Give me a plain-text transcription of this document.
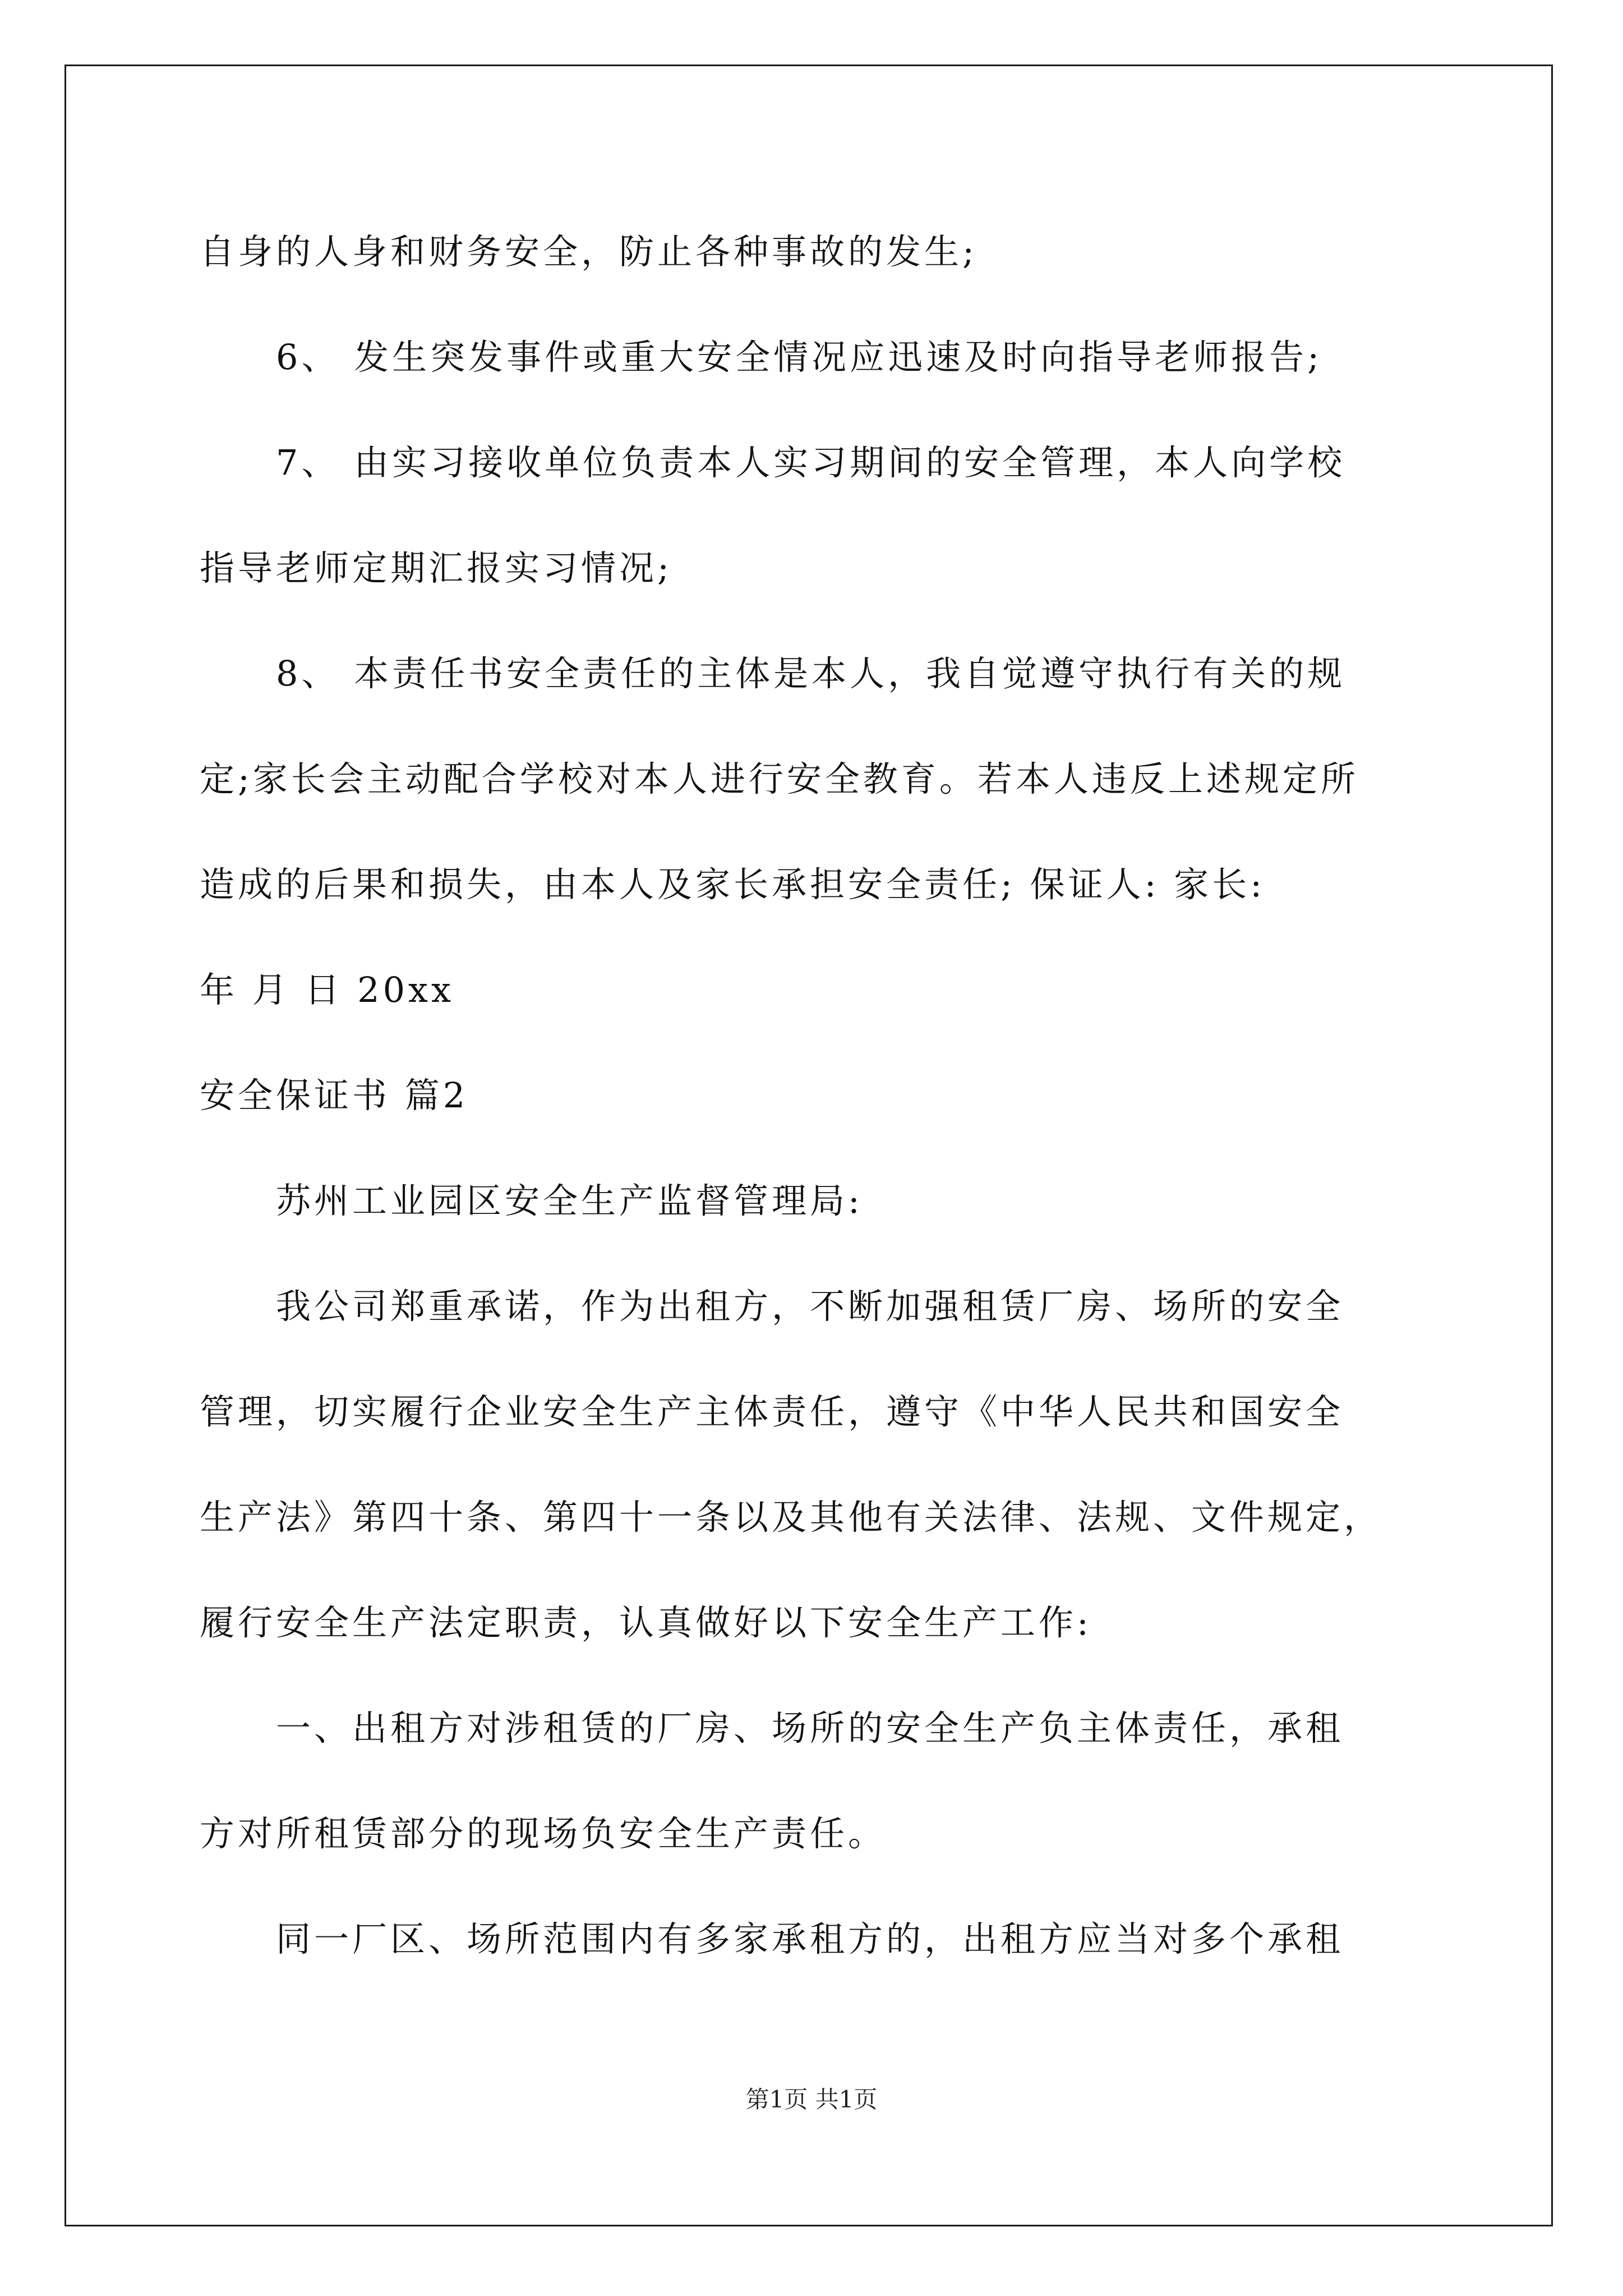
自身的人身和财务安全，防止各种事故的发生;
6、 发生突发事件或重大安全情况应迅速及时向指导老师报告;
7、 由实习接收单位负责本人实习期间的安全管理，本人向学校
指导老师定期汇报实习情况;
8、 本责任书安全责任的主体是本人，我自觉遵守执行有关的规
定;家长会主动配合学校对本人进行安全教育。若本人违反上述规定所
造成的后果和损失，由本人及家长承担安全责任; 保证人: 家长:
年 月 日 20xx
安全保证书 篇2
苏州工业园区安全生产监督管理局:
我公司郑重承诺，作为出租方，不断加强租赁厂房、场所的安全
管理，切实履行企业安全生产主体责任，遵守《中华人民共和国安全
生产法》第四十条、第四十一条以及其他有关法律、法规、文件规定，
履行安全生产法定职责，认真做好以下安全生产工作:
一、出租方对涉租赁的厂房、场所的安全生产负主体责任，承租
方对所租赁部分的现场负安全生产责任。
同一厂区、场所范围内有多家承租方的，出租方应当对多个承租
第1页 共1页
